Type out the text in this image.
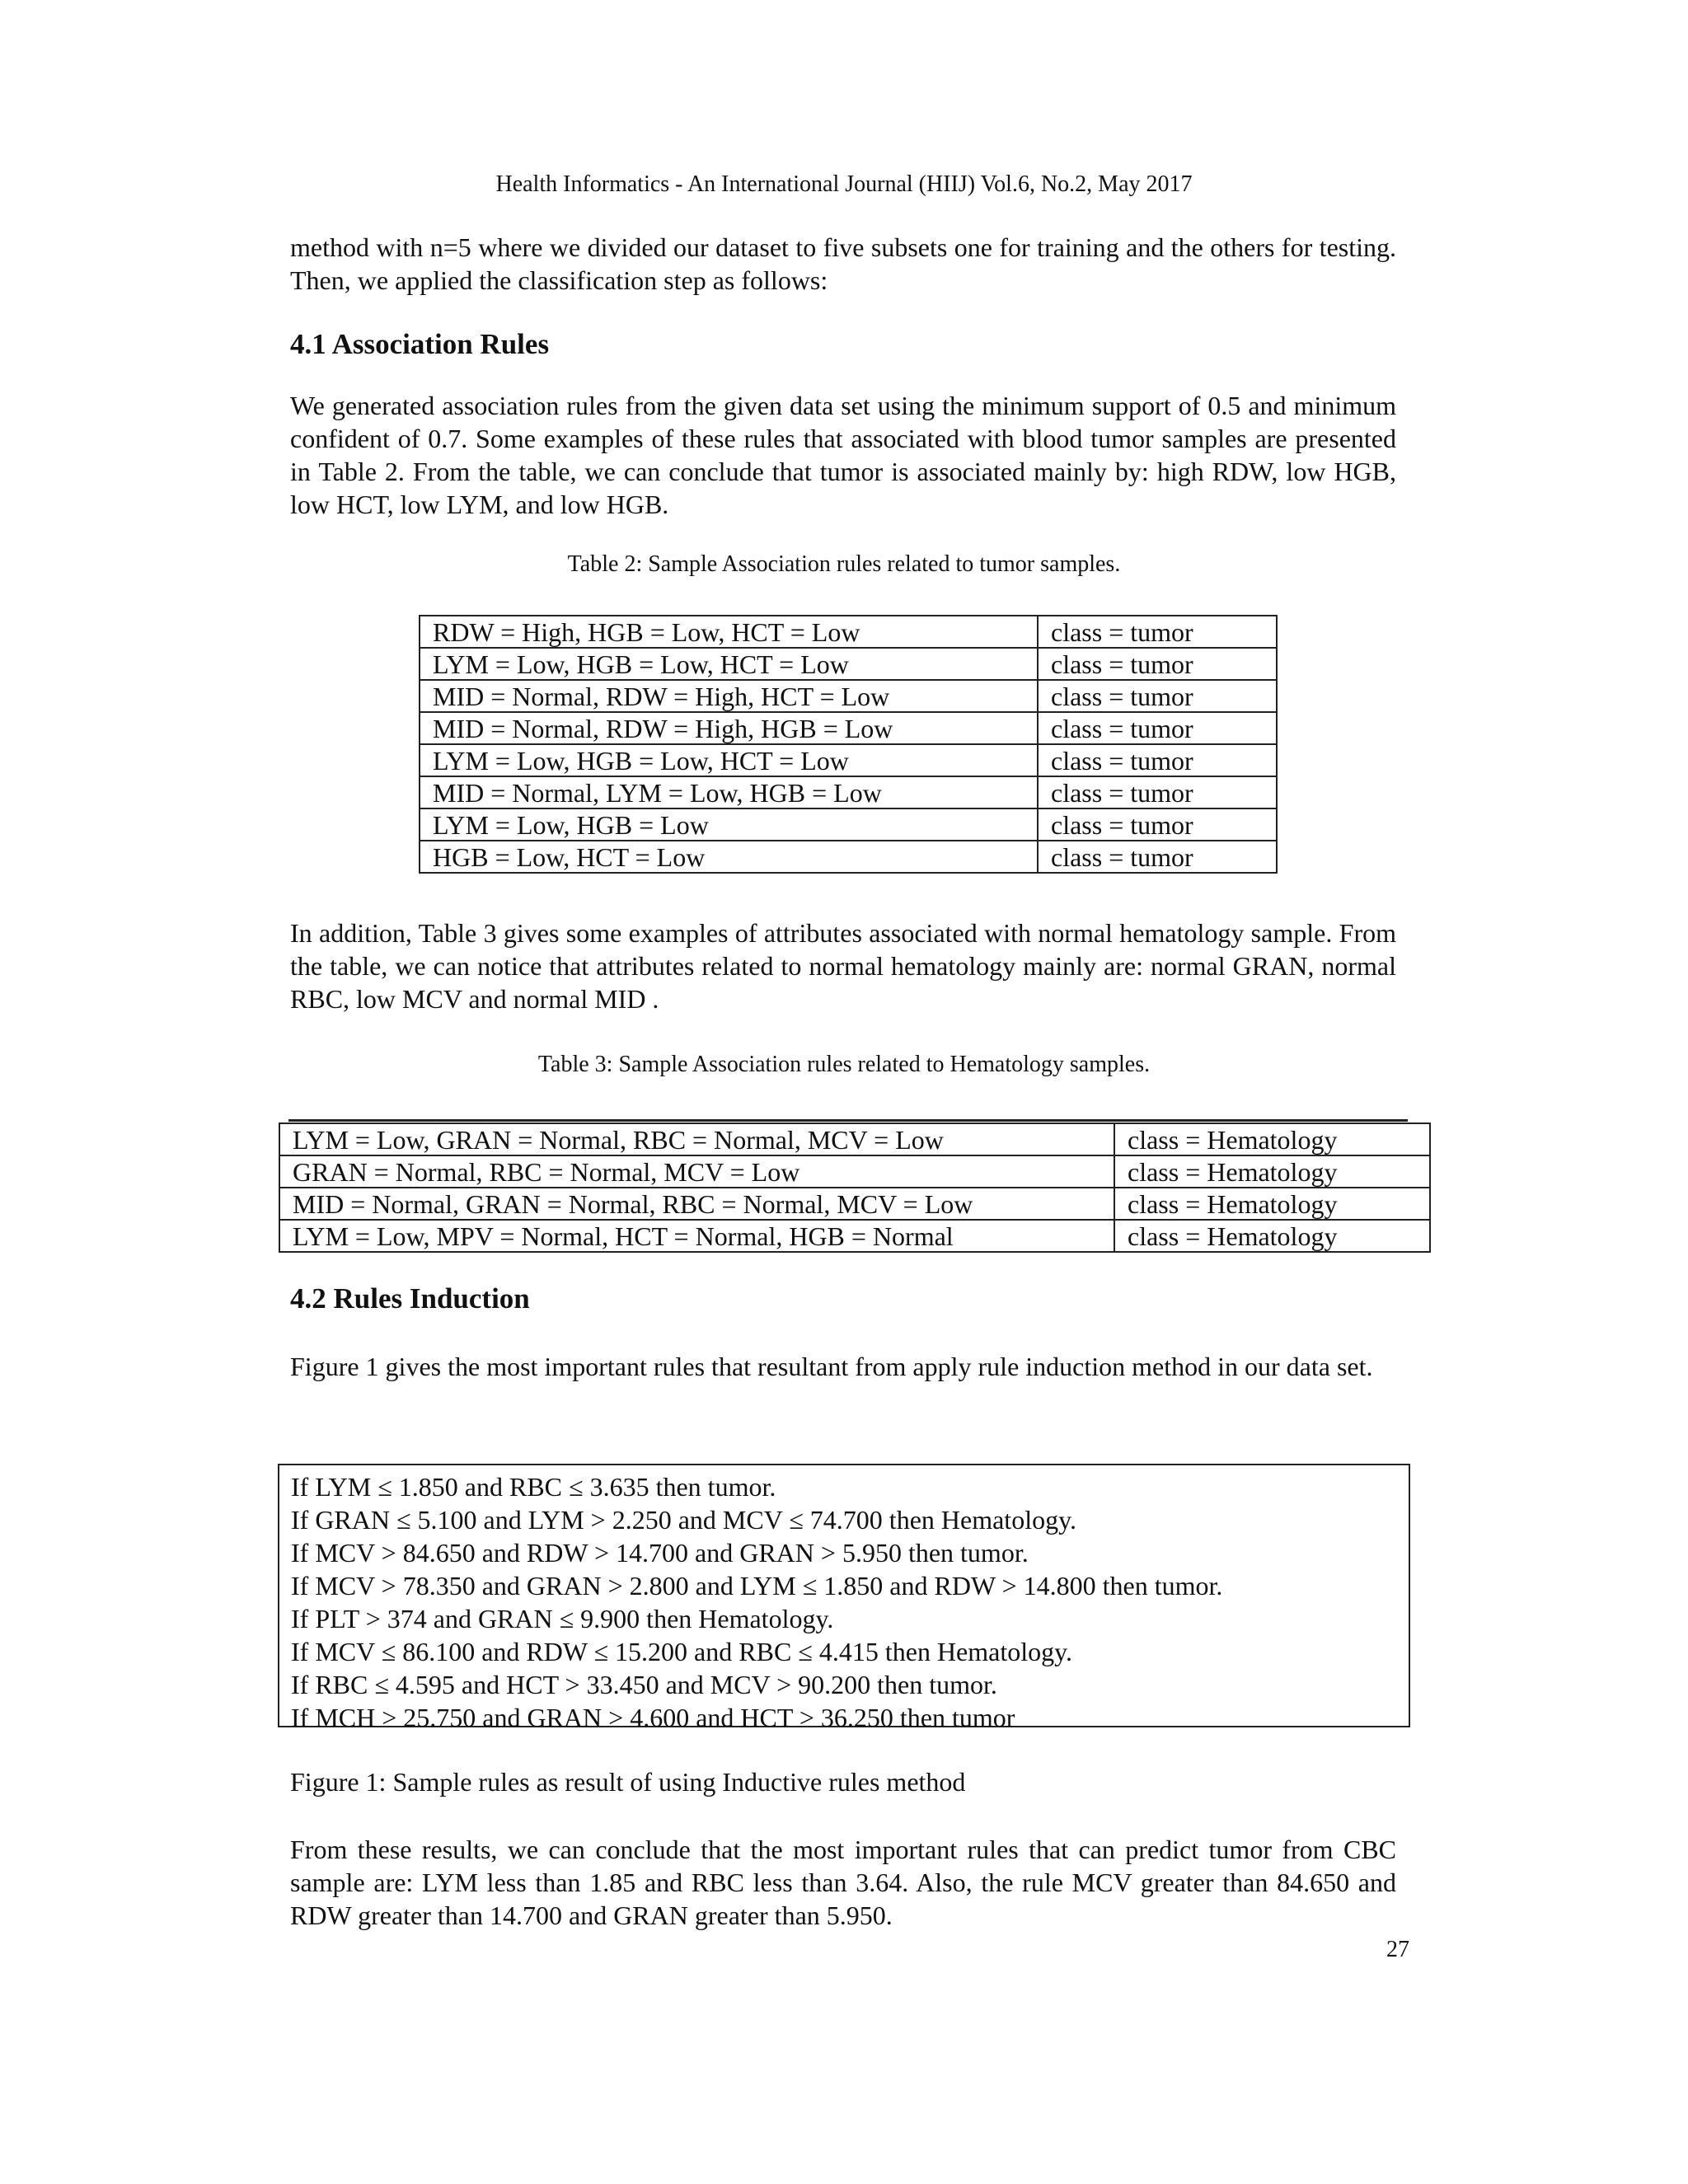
Health Informatics - An International Journal (HIIJ) Vol.6, No.2, May 2017

method with n=5 where we divided our dataset to five subsets one for training and the others for testing. Then, we applied the classification step as follows:

4.1 Association Rules

We generated association rules from the given data set using the minimum support of 0.5 and minimum confident of 0.7. Some examples of these rules that associated with blood tumor samples are presented in Table 2. From the table, we can conclude that tumor is associated mainly by: high RDW, low HGB, low HCT, low LYM, and low HGB.

Table 2: Sample Association rules related to tumor samples.
RDW = High, HGB = Low, HCT = Low	class = tumor
LYM = Low, HGB = Low, HCT = Low	class = tumor
MID = Normal, RDW = High, HCT = Low	class = tumor
MID = Normal, RDW = High, HGB = Low	class = tumor
LYM = Low, HGB = Low, HCT = Low	class = tumor
MID = Normal, LYM = Low, HGB = Low	class = tumor
LYM = Low, HGB = Low	class = tumor
HGB = Low, HCT = Low	class = tumor

In addition, Table 3 gives some examples of attributes associated with normal hematology sample. From the table, we can notice that attributes related to normal hematology mainly are: normal GRAN, normal RBC, low MCV and normal MID .

Table 3: Sample Association rules related to Hematology samples.
LYM = Low, GRAN = Normal, RBC = Normal, MCV = Low	class = Hematology
GRAN = Normal, RBC = Normal, MCV = Low	class = Hematology
MID = Normal, GRAN = Normal, RBC = Normal, MCV = Low	class = Hematology
LYM = Low, MPV = Normal, HCT = Normal, HGB = Normal	class = Hematology
4.2 Rules Induction

Figure 1 gives the most important rules that resultant from apply rule induction method in our data set.

If LYM ≤ 1.850 and RBC ≤ 3.635 then tumor.
If GRAN ≤ 5.100 and LYM > 2.250 and MCV ≤ 74.700 then Hematology.
If MCV > 84.650 and RDW > 14.700 and GRAN > 5.950 then tumor.
If MCV > 78.350 and GRAN > 2.800 and LYM ≤ 1.850 and RDW > 14.800 then tumor.
If PLT > 374 and GRAN ≤ 9.900 then Hematology.
If MCV ≤ 86.100 and RDW ≤ 15.200 and RBC ≤ 4.415 then Hematology.
If RBC ≤ 4.595 and HCT > 33.450 and MCV > 90.200 then tumor.
If MCH > 25.750 and GRAN > 4.600 and HCT > 36.250 then tumor
Figure 1: Sample rules as result of using Inductive rules method

From these results, we can conclude that the most important rules that can predict tumor from CBC sample are: LYM less than 1.85 and RBC less than 3.64. Also, the rule MCV greater than 84.650 and RDW greater than 14.700 and GRAN greater than 5.950.

27
